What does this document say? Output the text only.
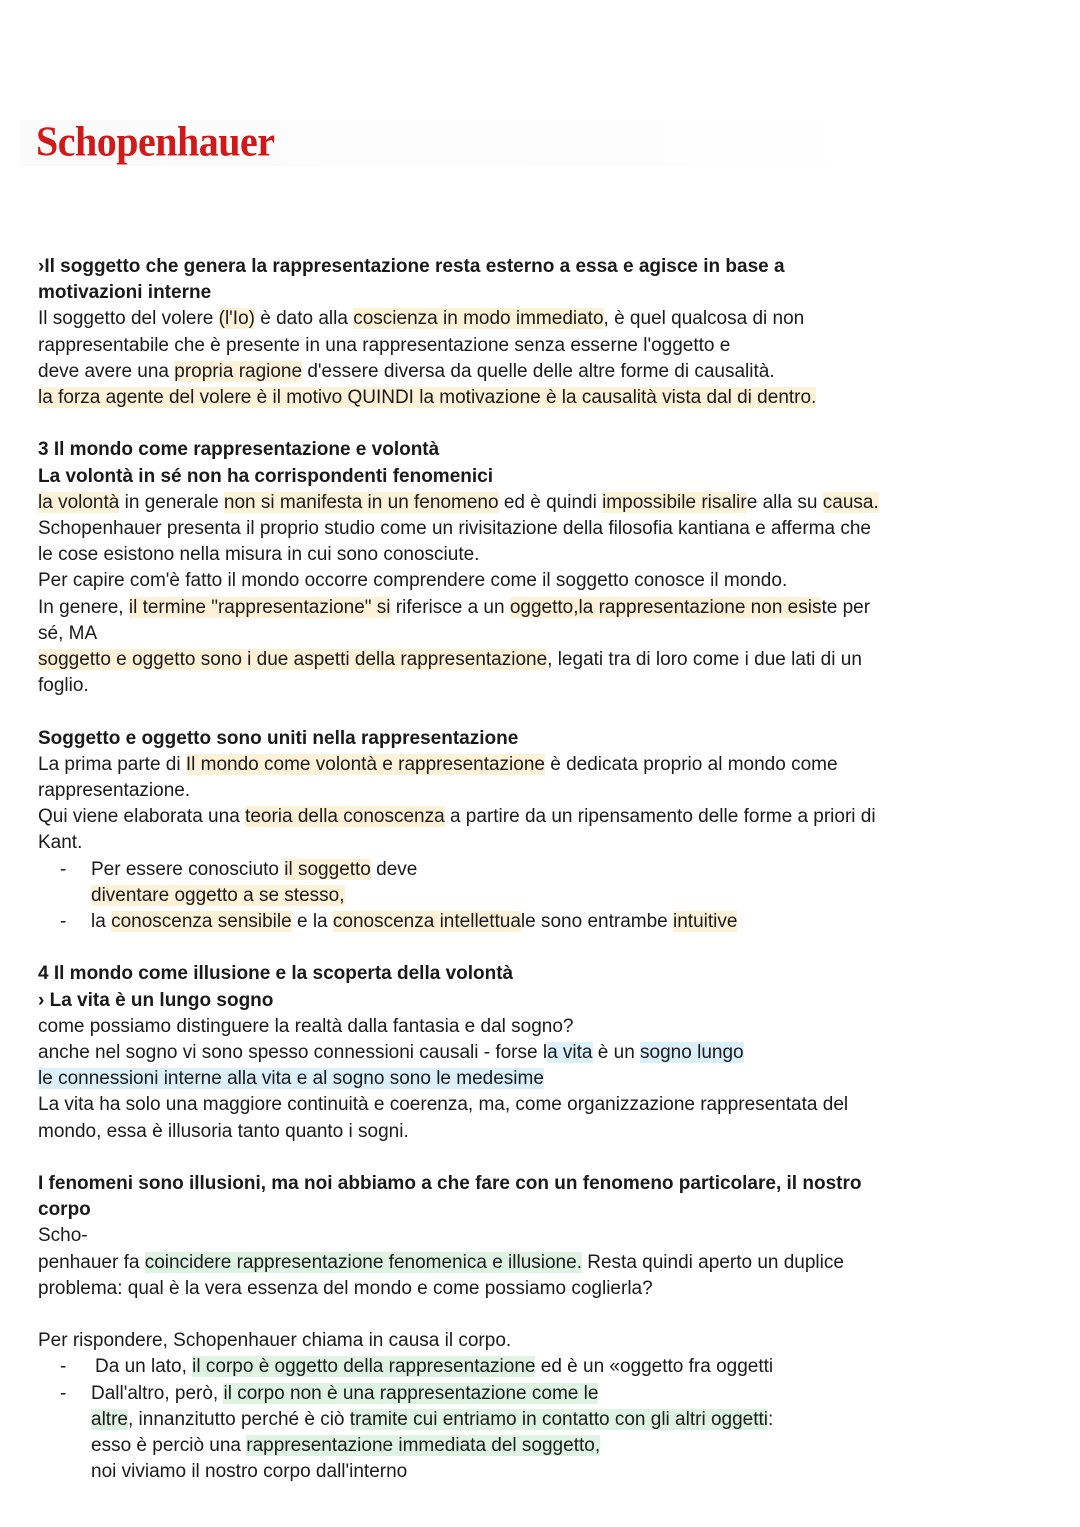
Schopenhauer

›Il soggetto che genera la rappresentazione resta esterno a essa e agisce in base a motivazioni interne

Il soggetto del volere (l'Io) è dato alla coscienza in modo immediato, è quel qualcosa di non rappresentabile che è presente in una rappresentazione senza esserne l'oggetto e

deve avere una propria ragione d'essere diversa da quelle delle altre forme di causalità.

la forza agente del volere è il motivo QUINDI la motivazione è la causalità vista dal di dentro.

3 Il mondo come rappresentazione e volontà

La volontà in sé non ha corrispondenti fenomenici

la volontà in generale non si manifesta in un fenomeno ed è quindi impossibile risalire alla su causa.

Schopenhauer presenta il proprio studio come un rivisitazione della filosofia kantiana e afferma che le cose esistono nella misura in cui sono conosciute.

Per capire com'è fatto il mondo occorre comprendere come il soggetto conosce il mondo.

In genere, il termine "rappresentazione" si riferisce a un oggetto,la rappresentazione non esiste per sé, MA

soggetto e oggetto sono i due aspetti della rappresentazione, legati tra di loro come i due lati di un foglio.

Soggetto e oggetto sono uniti nella rappresentazione

La prima parte di Il mondo come volontà e rappresentazione è dedicata proprio al mondo come rappresentazione.

Qui viene elaborata una teoria della conoscenza a partire da un ripensamento delle forme a priori di Kant.

- Per essere conosciuto il soggetto deve
diventare oggetto a se stesso,
- la conoscenza sensibile e la conoscenza intellettuale sono entrambe intuitive

4 Il mondo come illusione e la scoperta della volontà

› La vita è un lungo sogno

come possiamo distinguere la realtà dalla fantasia e dal sogno?

anche nel sogno vi sono spesso connessioni causali - forse la vita è un sogno lungo

le connessioni interne alla vita e al sogno sono le medesime

La vita ha solo una maggiore continuità e coerenza, ma, come organizzazione rappresentata del mondo, essa è illusoria tanto quanto i sogni.

I fenomeni sono illusioni, ma noi abbiamo a che fare con un fenomeno particolare, il nostro corpo

Scho-

penhauer fa coincidere rappresentazione fenomenica e illusione. Resta quindi aperto un duplice problema: qual è la vera essenza del mondo e come possiamo coglierla?

Per rispondere, Schopenhauer chiama in causa il corpo.

- Da un lato, il corpo è oggetto della rappresentazione ed è un «oggetto fra oggetti
- Dall'altro, però, il corpo non è una rappresentazione come le
altre, innanzitutto perché è ciò tramite cui entriamo in contatto con gli altri oggetti:
esso è perciò una rappresentazione immediata del soggetto,
noi viviamo il nostro corpo dall'interno
